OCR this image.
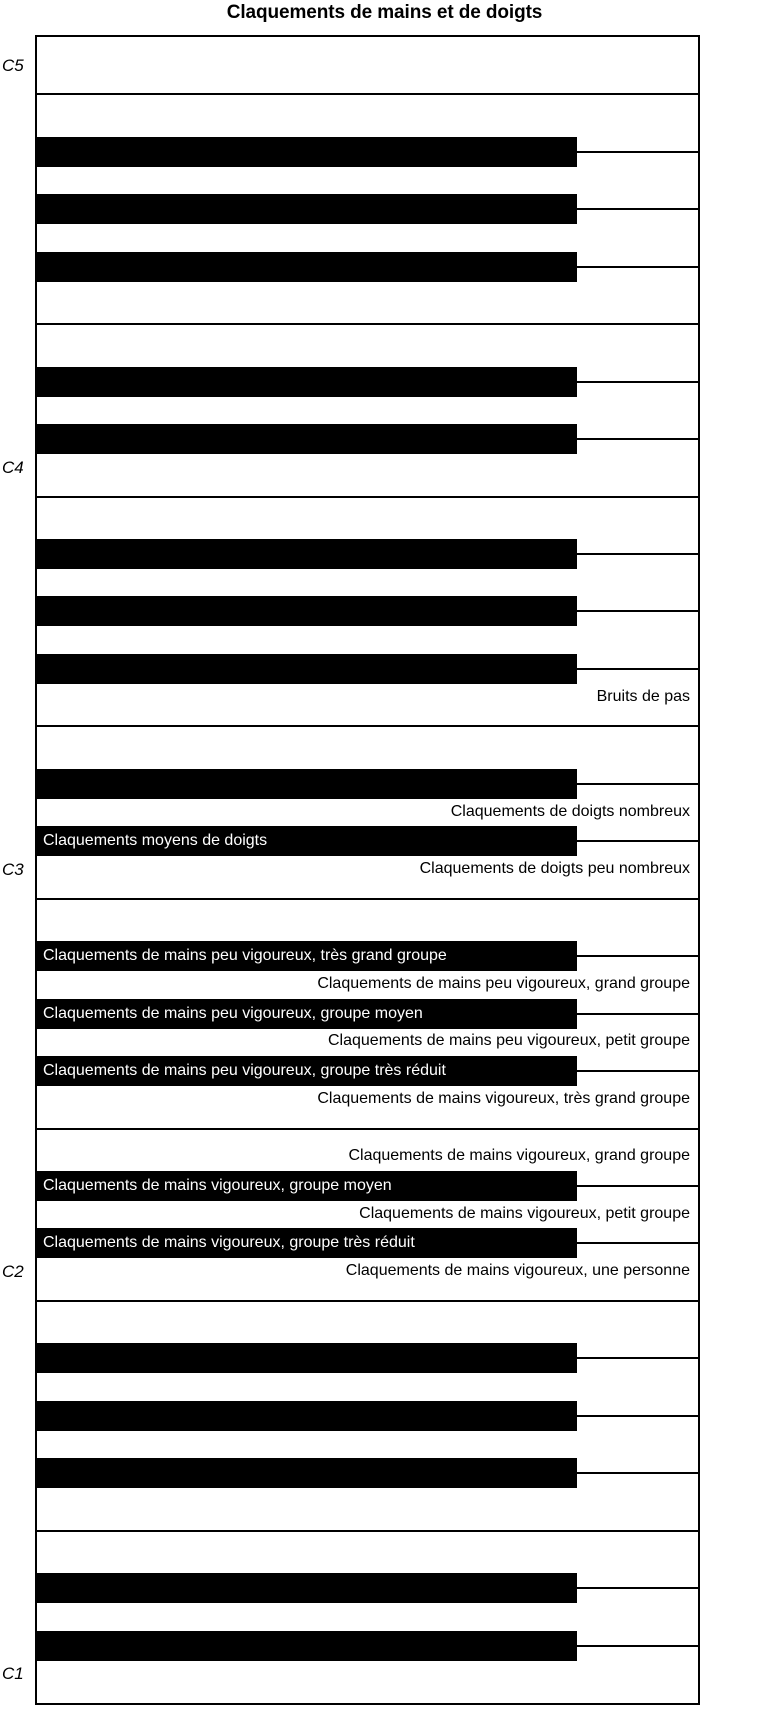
Claquements de mains et de doigts
C5
C4
C3
C2
C1
Bruits de pas
Claquements de doigts nombreux
Claquements de doigts peu nombreux
Claquements de mains peu vigoureux, grand groupe
Claquements de mains peu vigoureux, petit groupe
Claquements de mains vigoureux, très grand groupe
Claquements de mains vigoureux, grand groupe
Claquements de mains vigoureux, petit groupe
Claquements de mains vigoureux, une personne
Claquements moyens de doigts
Claquements de mains peu vigoureux, très grand groupe
Claquements de mains peu vigoureux, groupe moyen
Claquements de mains peu vigoureux, groupe très réduit
Claquements de mains vigoureux, groupe moyen
Claquements de mains vigoureux, groupe très réduit
